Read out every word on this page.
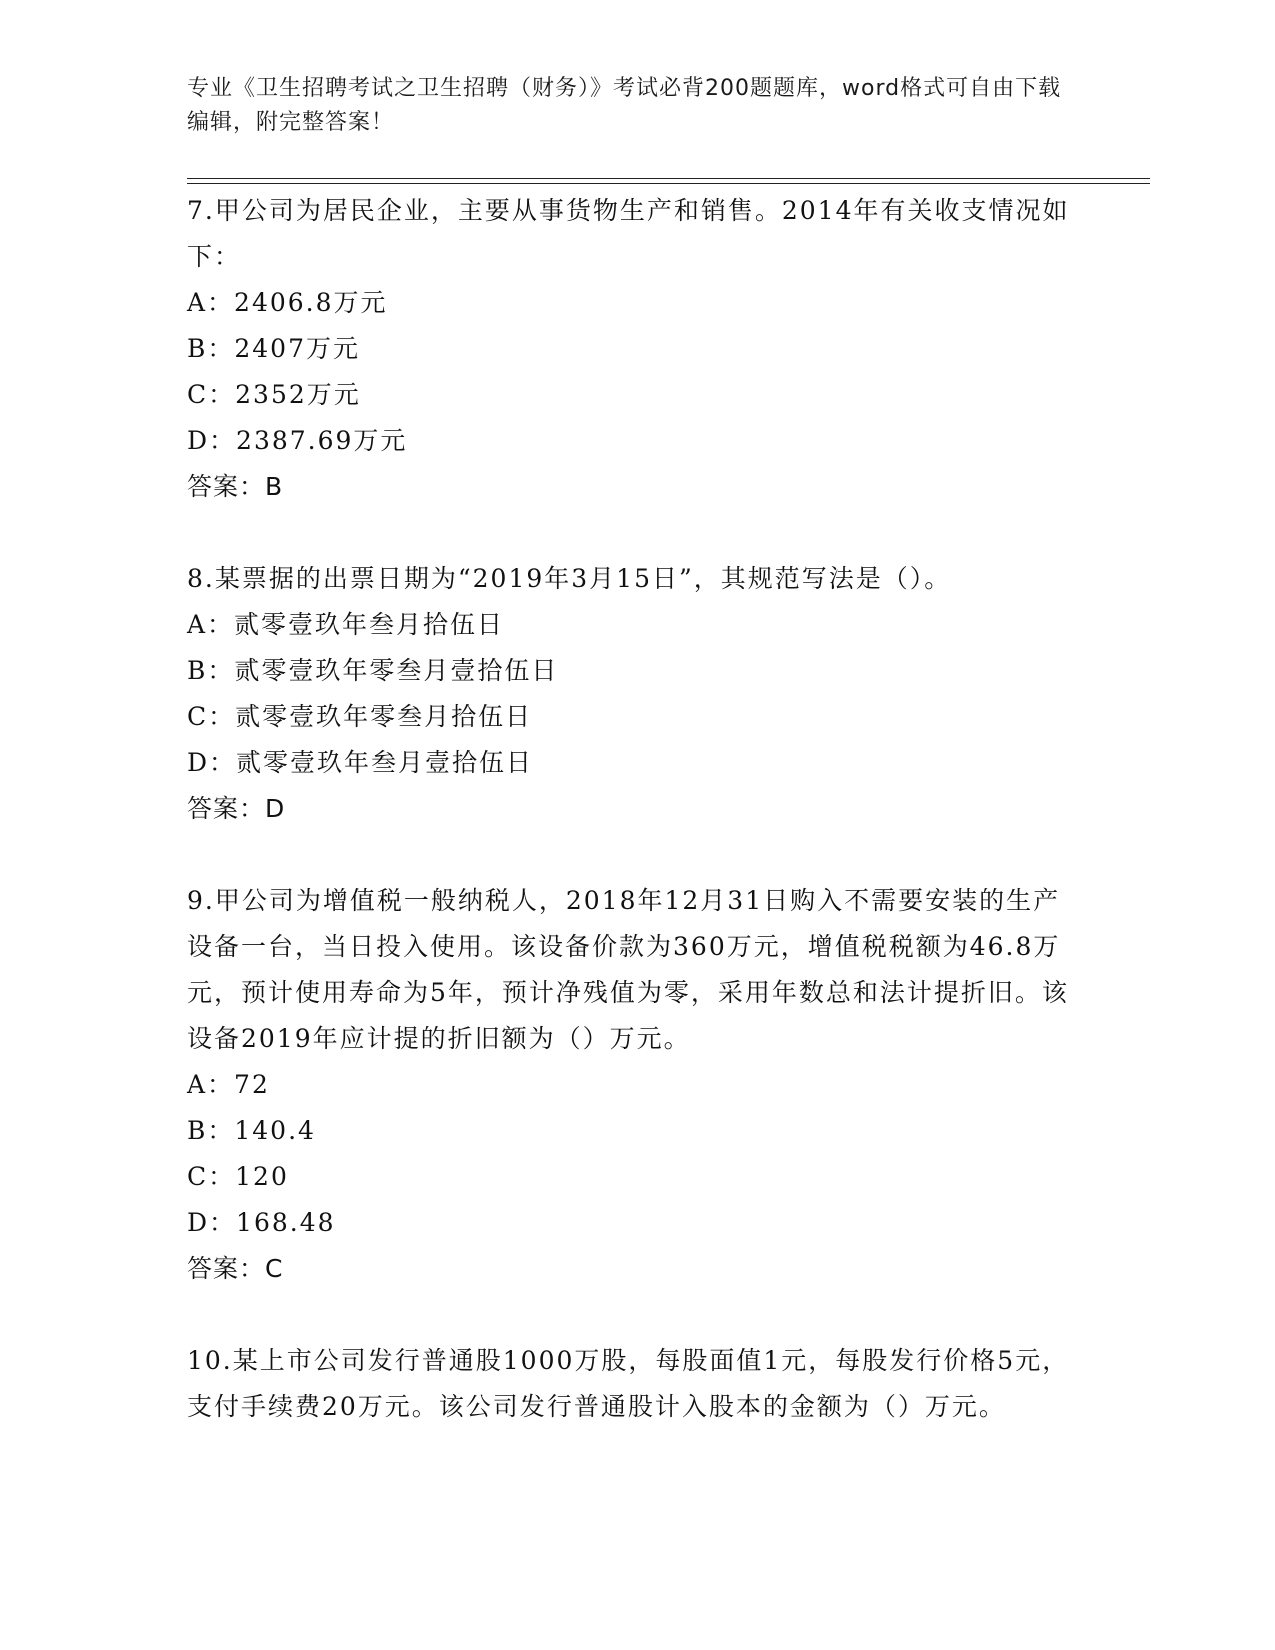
专业《卫生招聘考试之卫生招聘（财务）》考试必背200题题库，word格式可自由下载编辑，附完整答案！

7.甲公司为居民企业，主要从事货物生产和销售。2014年有关收支情况如下：

A：2406.8万元

B：2407万元

C：2352万元

D：2387.69万元

答案：B

8.某票据的出票日期为“2019年3月15日”，其规范写法是（）。

A：贰零壹玖年叁月拾伍日

B：贰零壹玖年零叁月壹拾伍日

C：贰零壹玖年零叁月拾伍日

D：贰零壹玖年叁月壹拾伍日

答案：D

9.甲公司为增值税一般纳税人，2018年12月31日购入不需要安装的生产设备一台，当日投入使用。该设备价款为360万元，增值税税额为46.8万元，预计使用寿命为5年，预计净残值为零，采用年数总和法计提折旧。该设备2019年应计提的折旧额为（）万元。

A：72

B：140.4

C：120

D：168.48

答案：C

10.某上市公司发行普通股1000万股，每股面值1元，每股发行价格5元，支付手续费20万元。该公司发行普通股计入股本的金额为（）万元。
